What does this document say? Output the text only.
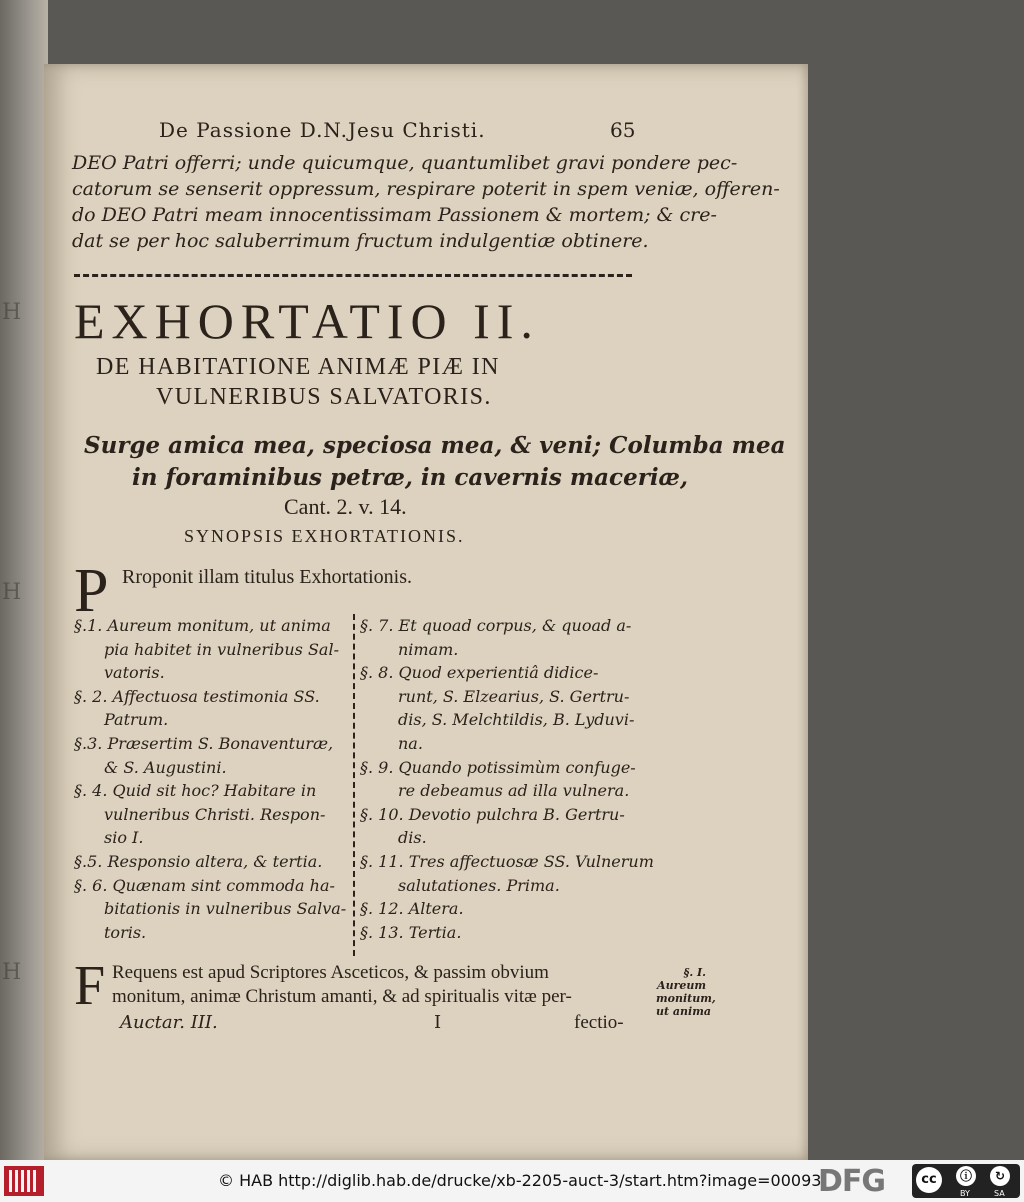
H
H
H
De Passione D.N.Jesu Christi.	65
DEO Patri offerri; unde quicumque, quantumlibet gravi pondere pec-
catorum se senserit oppressum, respirare poterit in spem veniæ, offeren-
do DEO Patri meam innocentissimam Passionem & mortem; & cre-
dat se per hoc saluberrimum fructum indulgentiæ obtinere.
EXHORTATIO II.
DE HABITATIONE ANIMÆ PIÆ IN
VULNERIBUS SALVATORIS.
Surge amica mea, speciosa mea, & veni; Columba mea
in foraminibus petræ, in cavernis maceriæ,
Cant. 2. v. 14.
SYNOPSIS EXHORTATIONIS.
P Rroponit illam titulus Exhortationis.
§.1. Aureum monitum, ut anima
pia habitet in vulneribus Sal-
vatoris.
§. 2. Affectuosa testimonia SS.
Patrum.
§.3. Præsertim S. Bonaventuræ,
& S. Augustini.
§. 4. Quid sit hoc? Habitare in
vulneribus Christi. Respon-
sio I.
§.5. Responsio altera, & tertia.
§. 6. Quænam sint commoda ha-
bitationis in vulneribus Salva-
toris.
§. 7. Et quoad corpus, & quoad a-
nimam.
§. 8. Quod experientiâ didice-
runt, S. Elzearius, S. Gertru-
dis, S. Melchtildis, B. Lyduvi-
na.
§. 9. Quando potissimùm confuge-
re debeamus ad illa vulnera.
§. 10. Devotio pulchra B. Gertru-
dis.
§. 11. Tres affectuosæ SS. Vulnerum
salutationes. Prima.
§. 12. Altera.
§. 13. Tertia.
F Requens est apud Scriptores Asceticos, & passim obvium
monitum, animæ Christum amanti, & ad spiritualis vitæ per-
Auctar. III.	I	fectio-
§. I.
Aureum
monitum,
ut anima
© HAB http://diglib.hab.de/drucke/xb-2205-auct-3/start.htm?image=00093
DFG	cc	ⓘ
BY
↻
SA
